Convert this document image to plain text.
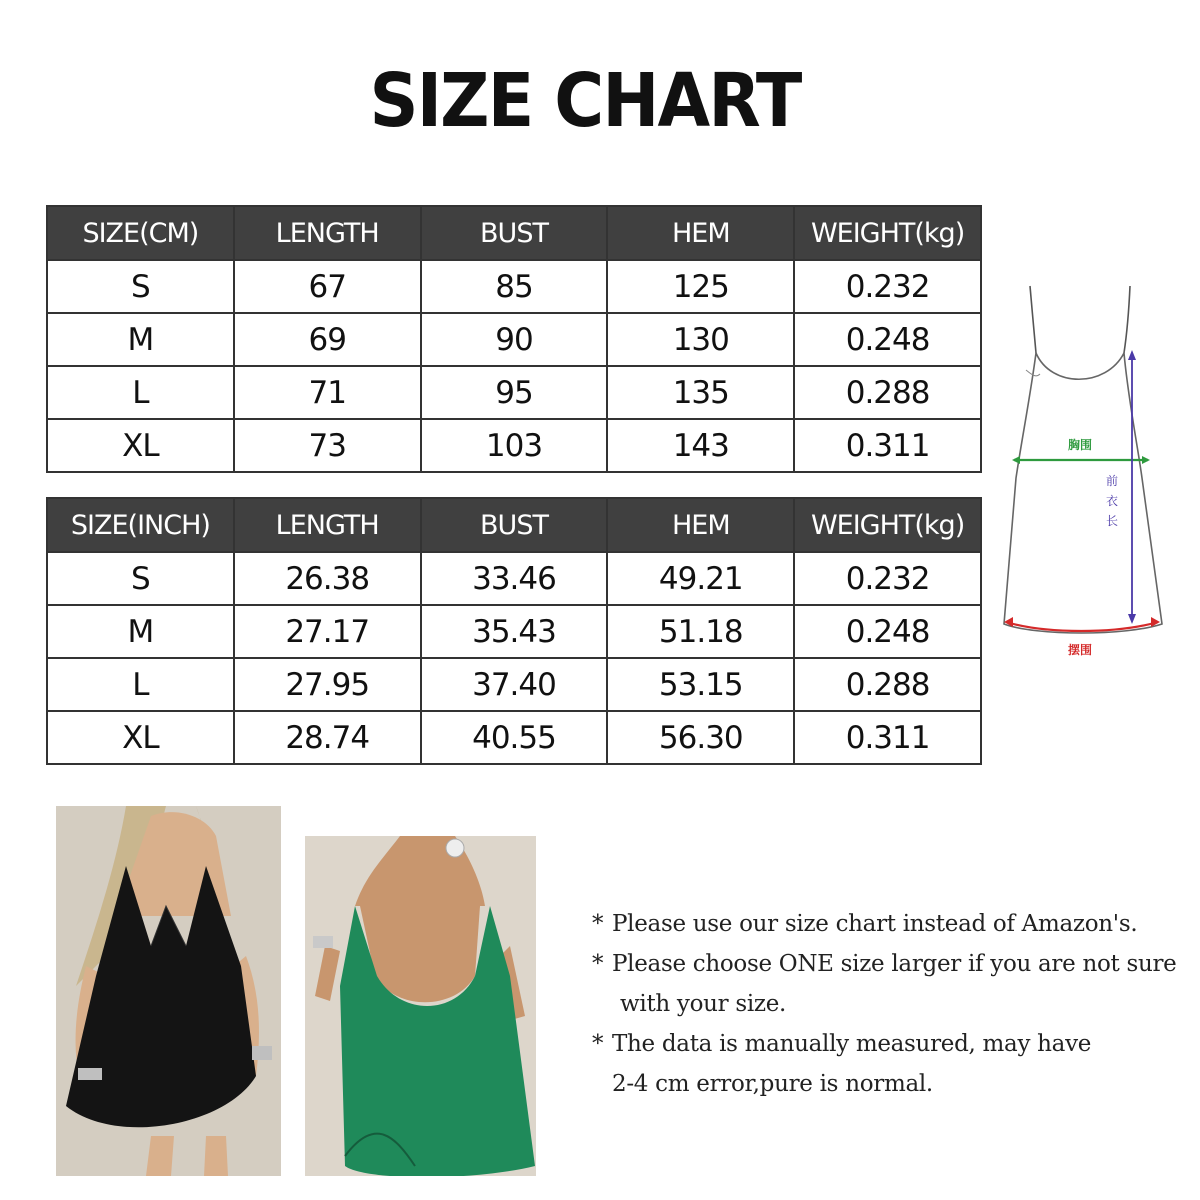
SIZE CHART
SIZE(CM)	LENGTH	BUST	HEM	WEIGHT(kg)
S	67	85	125	0.232
M	69	90	130	0.248
L	71	95	135	0.288
XL	73	103	143	0.311
SIZE(INCH)	LENGTH	BUST	HEM	WEIGHT(kg)
S	26.38	33.46	49.21	0.232
M	27.17	35.43	51.18	0.248
L	27.95	37.40	53.15	0.288
XL	28.74	40.55	56.30	0.311
胸围
前
衣
长
摆围
* Please use our size chart instead of Amazon's.
* Please choose ONE size larger if you are not sure
with your size.
* The data is manually measured, may have
2-4 cm error,pure is normal.
